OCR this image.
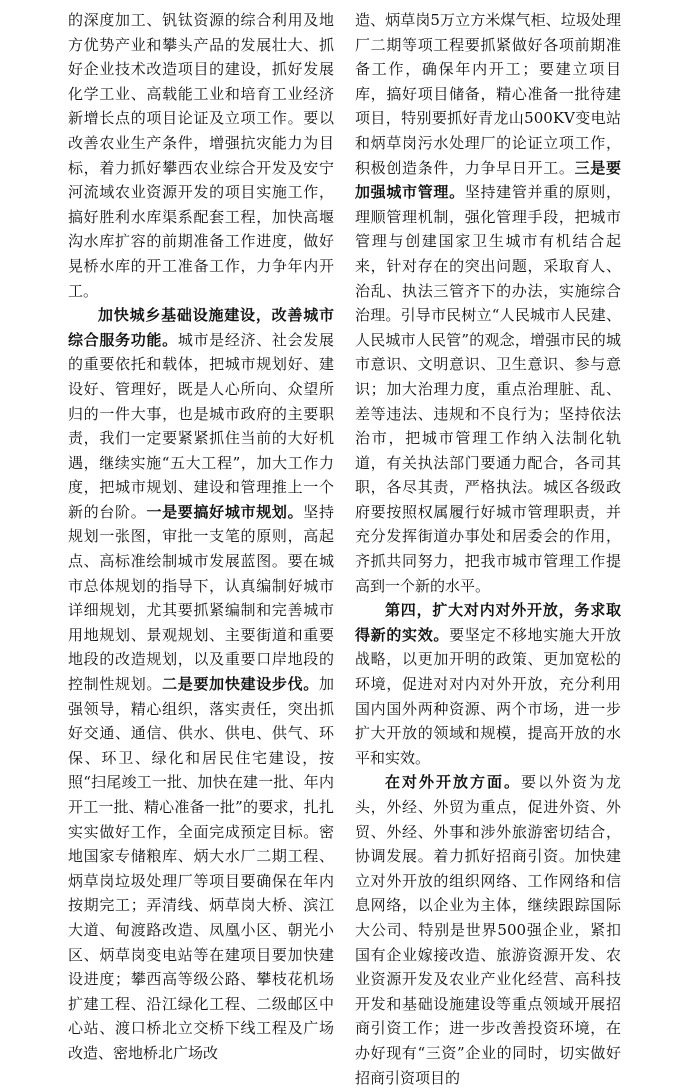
的深度加工、钒钛资源的综合利用及地方优势产业和攀头产品的发展壮大、抓好企业技术改造项目的建设，抓好发展化学工业、高载能工业和培育工业经济新增长点的项目论证及立项工作。要以改善农业生产条件，增强抗灾能力为目标，着力抓好攀西农业综合开发及安宁河流域农业资源开发的项目实施工作，搞好胜利水库渠系配套工程，加快高堰沟水库扩容的前期准备工作进度，做好晃桥水库的开工准备工作，力争年内开工。

加快城乡基础设施建设，改善城市综合服务功能。城市是经济、社会发展的重要依托和载体，把城市规划好、建设好、管理好，既是人心所向、众望所归的一件大事，也是城市政府的主要职责，我们一定要紧紧抓住当前的大好机遇，继续实施“五大工程”，加大工作力度，把城市规划、建设和管理推上一个新的台阶。一是要搞好城市规划。坚持规划一张图，审批一支笔的原则，高起点、高标准绘制城市发展蓝图。要在城市总体规划的指导下，认真编制好城市详细规划，尤其要抓紧编制和完善城市用地规划、景观规划、主要街道和重要地段的改造规划，以及重要口岸地段的控制性规划。二是要加快建设步伐。加强领导，精心组织，落实责任，突出抓好交通、通信、供水、供电、供气、环保、环卫、绿化和居民住宅建设，按照“扫尾竣工一批、加快在建一批、年内开工一批、精心准备一批”的要求，扎扎实实做好工作，全面完成预定目标。密地国家专储粮库、炳大水厂二期工程、炳草岗垃圾处理厂等项目要确保在年内按期完工；弄清线、炳草岗大桥、滨江大道、甸渡路改造、凤凰小区、朝光小区、炳草岗变电站等在建项目要加快建设进度；攀西高等级公路、攀枝花机场扩建工程、沿江绿化工程、二级邮区中心站、渡口桥北立交桥下线工程及广场改造、密地桥北广场改

造、炳草岗5万立方米煤气柜、垃圾处理厂二期等项工程要抓紧做好各项前期准备工作，确保年内开工；要建立项目库，搞好项目储备，精心准备一批待建项目，特别要抓好青龙山500KV变电站和炳草岗污水处理厂的论证立项工作，积极创造条件，力争早日开工。三是要加强城市管理。坚持建管并重的原则，理顺管理机制，强化管理手段，把城市管理与创建国家卫生城市有机结合起来，针对存在的突出问题，采取育人、治乱、执法三管齐下的办法，实施综合治理。引导市民树立“人民城市人民建、人民城市人民管”的观念，增强市民的城市意识、文明意识、卫生意识、参与意识；加大治理力度，重点治理脏、乱、差等违法、违规和不良行为；坚持依法治市，把城市管理工作纳入法制化轨道，有关执法部门要通力配合，各司其职，各尽其责，严格执法。城区各级政府要按照权属履行好城市管理职责，并充分发挥街道办事处和居委会的作用，齐抓共同努力，把我市城市管理工作提高到一个新的水平。

第四，扩大对内对外开放，务求取得新的实效。要坚定不移地实施大开放战略，以更加开明的政策、更加宽松的环境，促进对对内对外开放，充分利用国内国外两种资源、两个市场，进一步扩大开放的领域和规模，提高开放的水平和实效。

在对外开放方面。要以外资为龙头，外经、外贸为重点，促进外资、外贸、外经、外事和涉外旅游密切结合，协调发展。着力抓好招商引资。加快建立对外开放的组织网络、工作网络和信息网络，以企业为主体，继续跟踪国际大公司、特别是世界500强企业，紧扣国有企业嫁接改造、旅游资源开发、农业资源开发及农业产业化经营、高科技开发和基础设施建设等重点领域开展招商引资工作；进一步改善投资环境，在办好现有“三资”企业的同时，切实做好招商引资项目的
